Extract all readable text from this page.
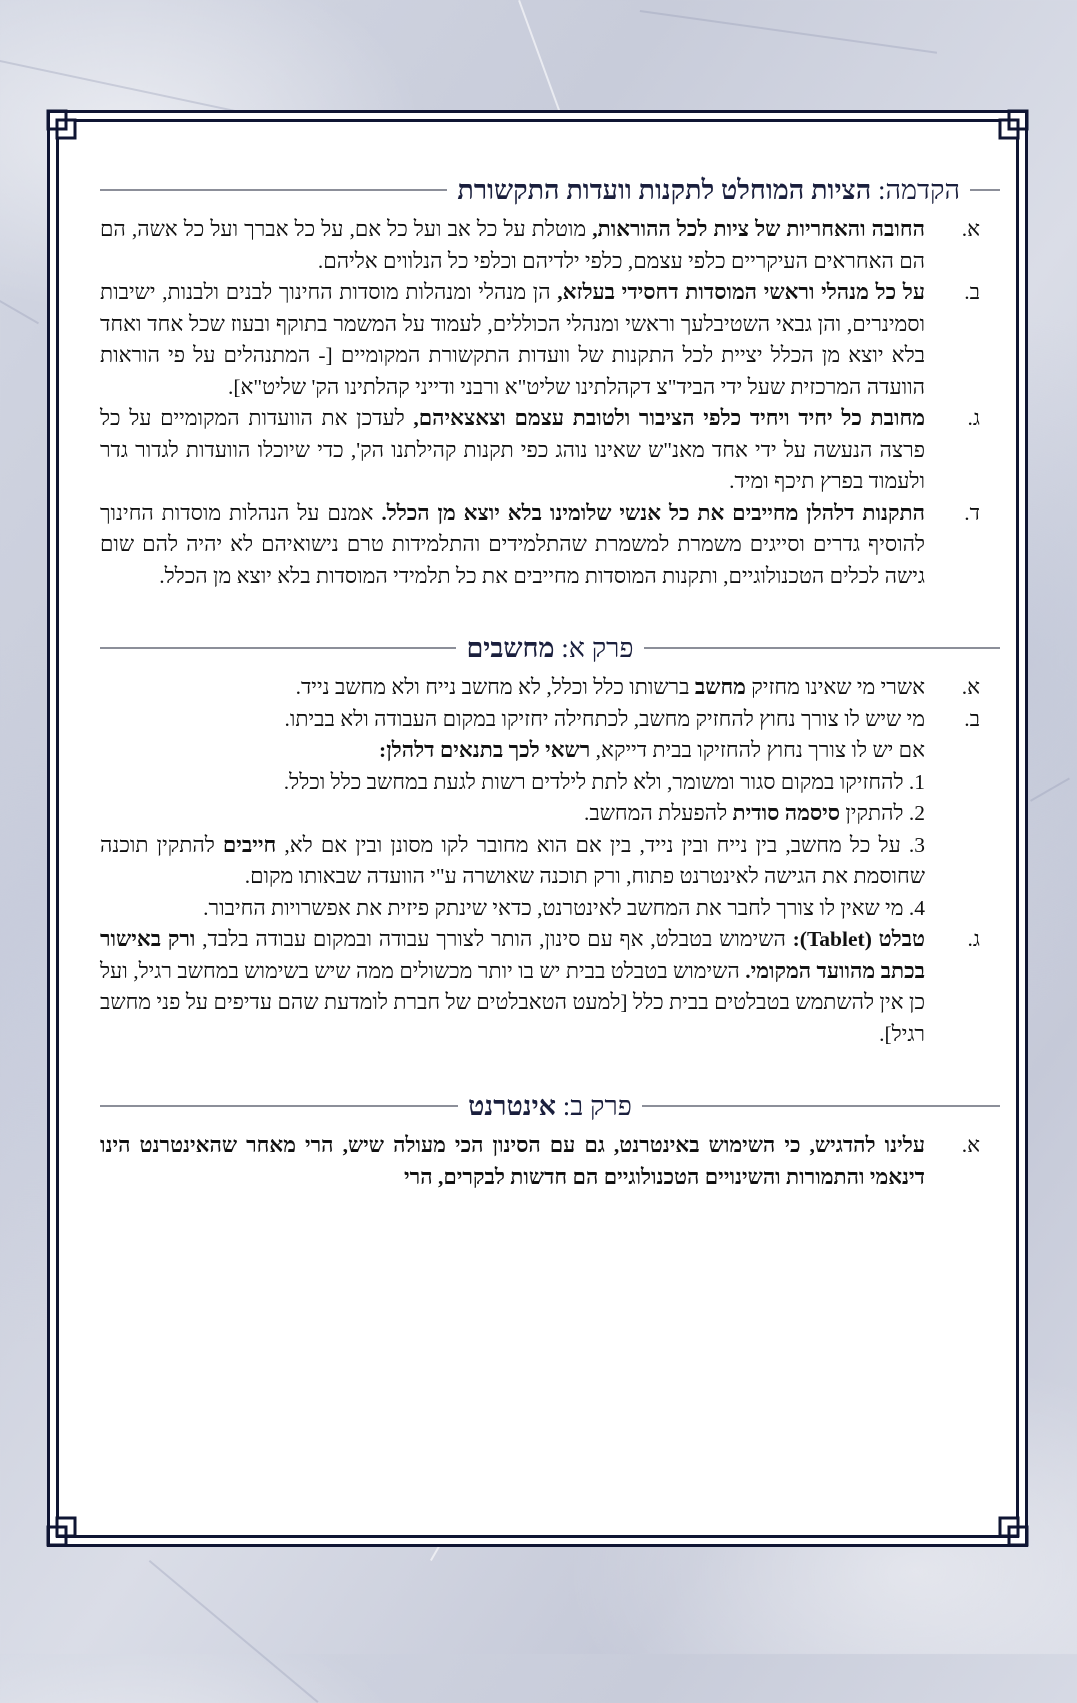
הקדמה: הציות המוחלט לתקנות וועדות התקשורת
א.
החובה והאחריות של ציות לכל ההוראות, מוטלת על כל אב ועל כל אם, על כל אברך ועל כל אשה, הם הם האחראים העיקריים כלפי עצמם, כלפי ילדיהם וכלפי כל הנלווים אליהם.
ב.
על כל מנהלי וראשי המוסדות דחסידי בעלזא, הן מנהלי ומנהלות מוסדות החינוך לבנים ולבנות, ישיבות וסמינרים, והן גבאי השטיבלעך וראשי ומנהלי הכוללים, לעמוד על המשמר בתוקף ובעוז שכל אחד ואחד בלא יוצא מן הכלל יציית לכל התקנות של וועדות התקשורת המקומיים [- המתנהלים על פי הוראות הוועדה המרכזית שעל ידי הביד"צ דקהלתינו שליט"א ורבני ודייני קהלתינו הק' שליט"א].
ג.
מחובת כל יחיד ויחיד כלפי הציבור ולטובת עצמם וצאצאיהם, לעדכן את הוועדות המקומיים על כל פרצה הנעשה על ידי אחד מאנ"ש שאינו נוהג כפי תקנות קהילתנו הק', כדי שיוכלו הוועדות לגדור גדר ולעמוד בפרץ תיכף ומיד.
ד.
התקנות דלהלן מחייבים את כל אנשי שלומינו בלא יוצא מן הכלל. אמנם על הנהלות מוסדות החינוך להוסיף גדרים וסייגים משמרת למשמרת שהתלמידים והתלמידות טרם נישואיהם לא יהיה להם שום גישה לכלים הטכנולוגיים, ותקנות המוסדות מחייבים את כל תלמידי המוסדות בלא יוצא מן הכלל.
פרק א: מחשבים
א.
אשרי מי שאינו מחזיק מחשב ברשותו כלל וכלל, לא מחשב נייח ולא מחשב נייד.
ב.
מי שיש לו צורך נחוץ להחזיק מחשב, לכתחילה יחזיקו במקום העבודה ולא בביתו.
אם יש לו צורך נחוץ להחזיקו בבית דייקא, רשאי לכך בתנאים דלהלן:
1. להחזיקו במקום סגור ומשומר, ולא לתת לילדים רשות לגעת במחשב כלל וכלל.
2. להתקין סיסמה סודית להפעלת המחשב.
3. על כל מחשב, בין נייח ובין נייד, בין אם הוא מחובר לקו מסונן ובין אם לא, חייבים להתקין תוכנה שחוסמת את הגישה לאינטרנט פתוח, ורק תוכנה שאושרה ע"י הוועדה שבאותו מקום.
4. מי שאין לו צורך לחבר את המחשב לאינטרנט, כדאי שינתק פיזית את אפשרויות החיבור.
ג.
טבלט (Tablet): השימוש בטבלט, אף עם סינון, הותר לצורך עבודה ובמקום עבודה בלבד, ורק באישור בכתב מהוועד המקומי. השימוש בטבלט בבית יש בו יותר מכשולים ממה שיש בשימוש במחשב רגיל, ועל כן אין להשתמש בטבלטים בבית כלל [למעט הטאבלטים של חברת לומדעת שהם עדיפים על פני מחשב רגיל].
פרק ב: אינטרנט
א.
עלינו להדגיש, כי השימוש באינטרנט, גם עם הסינון הכי מעולה שיש, הרי מאחר שהאינטרנט הינו דינאמי והתמורות והשינויים הטכנולוגיים הם חדשות לבקרים, הרי
